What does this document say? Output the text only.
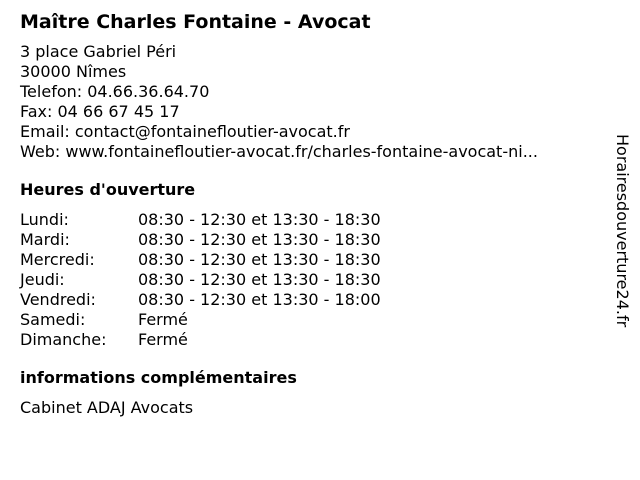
Maître Charles Fontaine - Avocat
3 place Gabriel Péri
30000 Nîmes
Telefon: 04.66.36.64.70
Fax: 04 66 67 45 17
Email: contact@fontainefloutier-avocat.fr
Web: www.fontainefloutier-avocat.fr/charles-fontaine-avocat-ni...
Heures d'ouverture
Lundi:	08:30 - 12:30 et 13:30 - 18:30
Mardi:	08:30 - 12:30 et 13:30 - 18:30
Mercredi:	08:30 - 12:30 et 13:30 - 18:30
Jeudi:	08:30 - 12:30 et 13:30 - 18:30
Vendredi:	08:30 - 12:30 et 13:30 - 18:00
Samedi:	Fermé
Dimanche:	Fermé
informations complémentaires
Cabinet ADAJ Avocats
Horairesdouverture24.fr
